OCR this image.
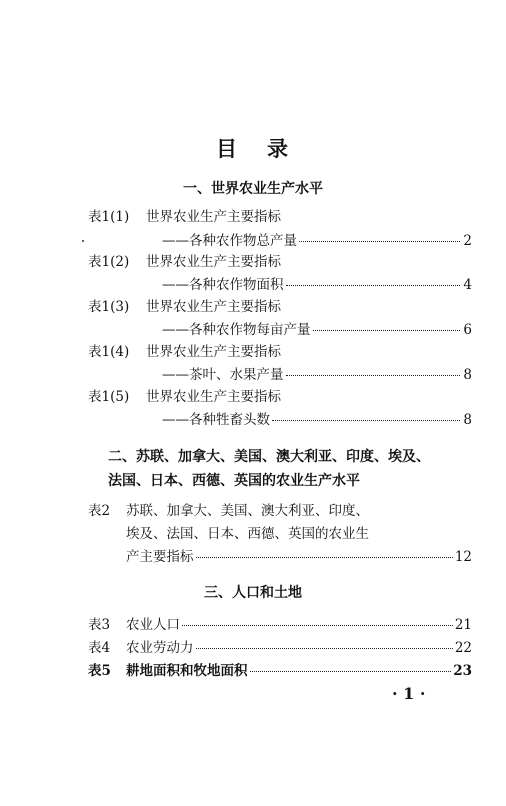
目 录
一、世界农业生产水平
表1(1)	世界农业生产主要指标
——各种农作物总产量	2
表1(2)	世界农业生产主要指标
——各种农作物面积	4
表1(3)	世界农业生产主要指标
——各种农作物每亩产量	6
表1(4)	世界农业生产主要指标
——茶叶、水果产量	8
表1(5)	世界农业生产主要指标
——各种牲畜头数	8
二、苏联、加拿大、美国、澳大利亚、印度、埃及、
法国、日本、西德、英国的农业生产水平
表2	苏联、加拿大、美国、澳大利亚、印度、
埃及、法国、日本、西德、英国的农业生
产主要指标	12
三、人口和土地
表3	农业人口	21
表4	农业劳动力	22
表5	耕地面积和牧地面积	23
· 1 ·
